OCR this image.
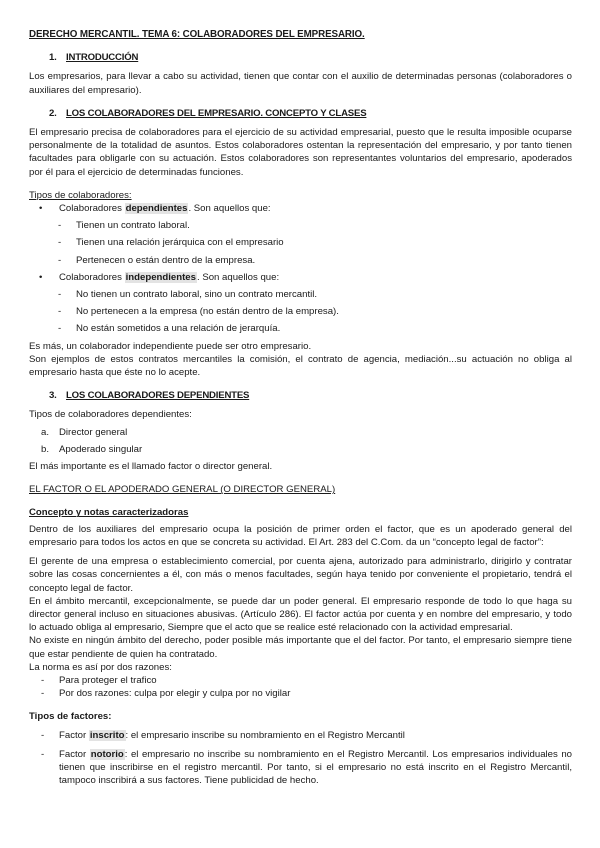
DERECHO MERCANTIL. TEMA 6: COLABORADORES DEL EMPRESARIO.
1. INTRODUCCIÓN

Los empresarios, para llevar a cabo su actividad, tienen que contar con el auxilio de determinadas personas (colaboradores o auxiliares del empresario).

2. LOS COLABORADORES DEL EMPRESARIO. CONCEPTO Y CLASES

El empresario precisa de colaboradores para el ejercicio de su actividad empresarial, puesto que le resulta imposible ocuparse personalmente de la totalidad de asuntos. Estos colaboradores ostentan la representación del empresario, y por tanto tienen facultades para obligarle con su actuación. Estos colaboradores son representantes voluntarios del empresario, apoderados por él para el ejercicio de determinadas funciones.

Tipos de colaboradores:
• Colaboradores dependientes. Son aquellos que:
- Tienen un contrato laboral.
- Tienen una relación jerárquica con el empresario
- Pertenecen o están dentro de la empresa.
• Colaboradores independientes. Son aquellos que:
- No tienen un contrato laboral, sino un contrato mercantil.
- No pertenecen a la empresa (no están dentro de la empresa).
- No están sometidos a una relación de jerarquía.

Es más, un colaborador independiente puede ser otro empresario.

Son ejemplos de estos contratos mercantiles la comisión, el contrato de agencia, mediación...su actuación no obliga al empresario hasta que éste no lo acepte.

3. LOS COLABORADORES DEPENDIENTES

Tipos de colaboradores dependientes:

a. Director general
b. Apoderado singular

El más importante es el llamado factor o director general.

EL FACTOR O EL APODERADO GENERAL (O DIRECTOR GENERAL)
Concepto y notas caracterizadoras

Dentro de los auxiliares del empresario ocupa la posición de primer orden el factor, que es un apoderado general del empresario para todos los actos en que se concreta su actividad. El Art. 283 del C.Com. da un “concepto legal de factor”:

El gerente de una empresa o establecimiento comercial, por cuenta ajena, autorizado para administrarlo, dirigirlo y contratar sobre las cosas concernientes a él, con más o menos facultades, según haya tenido por conveniente el propietario, tendrá el concepto legal de factor.

En el ámbito mercantil, excepcionalmente, se puede dar un poder general. El empresario responde de todo lo que haga su director general incluso en situaciones abusivas. (Artículo 286). El factor actúa por cuenta y en nombre del empresario, y todo lo actuado obliga al empresario, Siempre que el acto que se realice esté relacionado con la actividad empresarial.

No existe en ningún ámbito del derecho, poder posible más importante que el del factor. Por tanto, el empresario siempre tiene que estar pendiente de quien ha contratado.

La norma es así por dos razones:

- Para proteger el trafico
- Por dos razones: culpa por elegir y culpa por no vigilar
Tipos de factores:
- Factor inscrito: el empresario inscribe su nombramiento en el Registro Mercantil
- Factor notorio: el empresario no inscribe su nombramiento en el Registro Mercantil. Los empresarios individuales no tienen que inscribirse en el registro mercantil. Por tanto, si el empresario no está inscrito en el Registro Mercantil, tampoco inscribirá a sus factores. Tiene publicidad de hecho.
